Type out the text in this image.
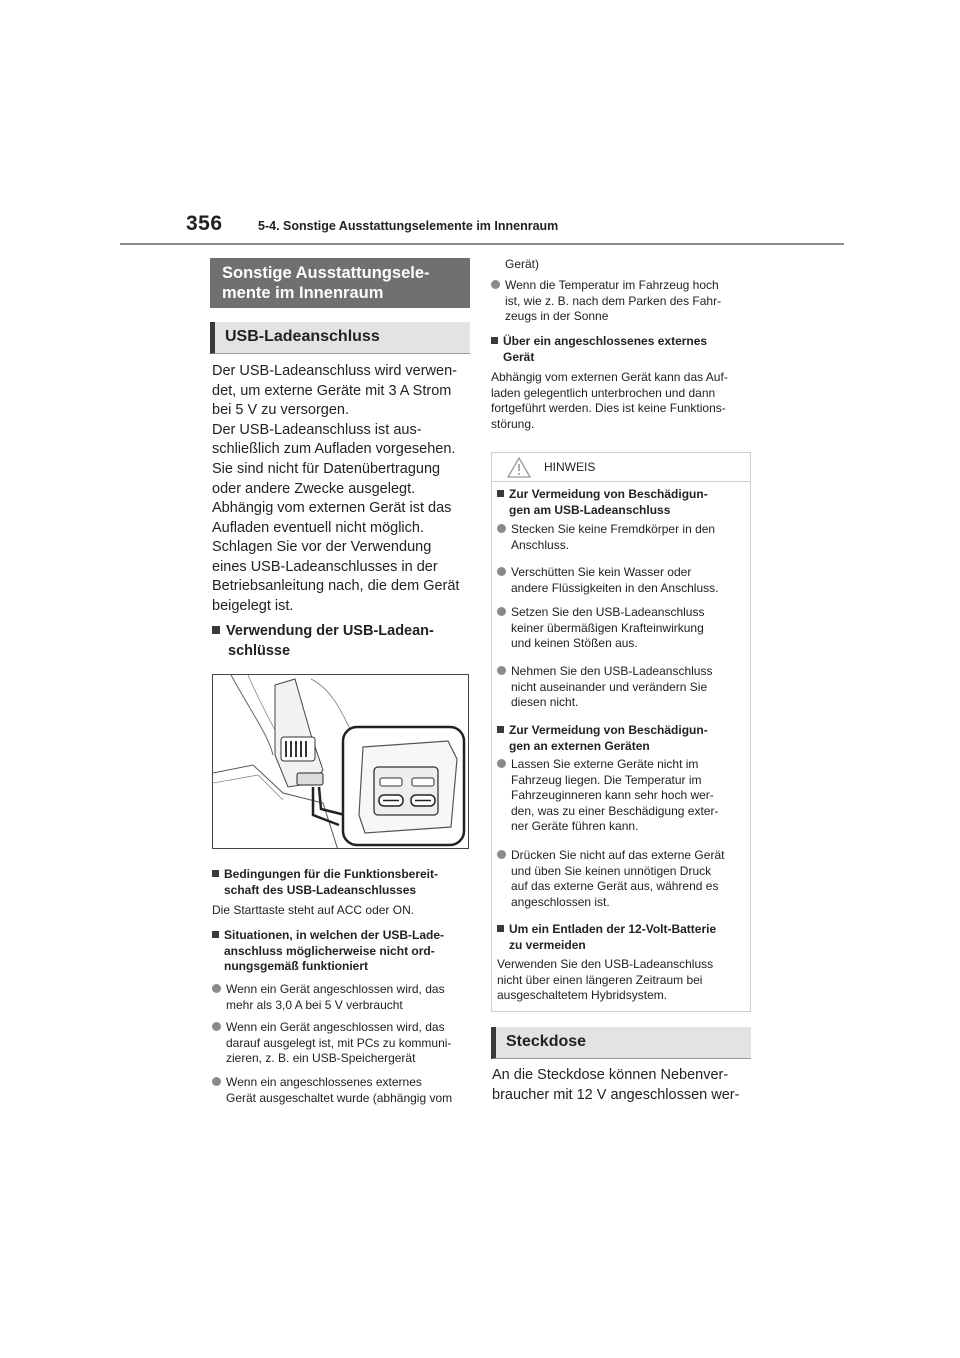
356	5-4. Sonstige Ausstattungselemente im Innenraum
Sonstige Ausstattungsele-
mente im Innenraum
USB-Ladeanschluss
Der USB-Ladeanschluss wird verwen-
det, um externe Geräte mit 3 A Strom
bei 5 V zu versorgen.
Der USB-Ladeanschluss ist aus-
schließlich zum Aufladen vorgesehen.
Sie sind nicht für Datenübertragung
oder andere Zwecke ausgelegt.
Abhängig vom externen Gerät ist das
Aufladen eventuell nicht möglich.
Schlagen Sie vor der Verwendung
eines USB-Ladeanschlusses in der
Betriebsanleitung nach, die dem Gerät
beigelegt ist.
Verwendung der USB-Ladean-
schlüsse
Bedingungen für die Funktionsbereit-
schaft des USB-Ladeanschlusses
Die Starttaste steht auf ACC oder ON.
Situationen, in welchen der USB-Lade-
anschluss möglicherweise nicht ord-
nungsgemäß funktioniert
Wenn ein Gerät angeschlossen wird, das
mehr als 3,0 A bei 5 V verbraucht
Wenn ein Gerät angeschlossen wird, das
darauf ausgelegt ist, mit PCs zu kommuni-
zieren, z. B. ein USB-Speichergerät
Wenn ein angeschlossenes externes
Gerät ausgeschaltet wurde (abhängig vom
Gerät)
Wenn die Temperatur im Fahrzeug hoch
ist, wie z. B. nach dem Parken des Fahr-
zeugs in der Sonne
Über ein angeschlossenes externes
Gerät
Abhängig vom externen Gerät kann das Auf-
laden gelegentlich unterbrochen und dann
fortgeführt werden. Dies ist keine Funktions-
störung.
HINWEIS
Zur Vermeidung von Beschädigun-
gen am USB-Ladeanschluss
Stecken Sie keine Fremdkörper in den
Anschluss.
Verschütten Sie kein Wasser oder
andere Flüssigkeiten in den Anschluss.
Setzen Sie den USB-Ladeanschluss
keiner übermäßigen Krafteinwirkung
und keinen Stößen aus.
Nehmen Sie den USB-Ladeanschluss
nicht auseinander und verändern Sie
diesen nicht.
Zur Vermeidung von Beschädigun-
gen an externen Geräten
Lassen Sie externe Geräte nicht im
Fahrzeug liegen. Die Temperatur im
Fahrzeuginneren kann sehr hoch wer-
den, was zu einer Beschädigung exter-
ner Geräte führen kann.
Drücken Sie nicht auf das externe Gerät
und üben Sie keinen unnötigen Druck
auf das externe Gerät aus, während es
angeschlossen ist.
Um ein Entladen der 12-Volt-Batterie
zu vermeiden
Verwenden Sie den USB-Ladeanschluss
nicht über einen längeren Zeitraum bei
ausgeschaltetem Hybridsystem.
Steckdose
An die Steckdose können Nebenver-
braucher mit 12 V angeschlossen wer-
